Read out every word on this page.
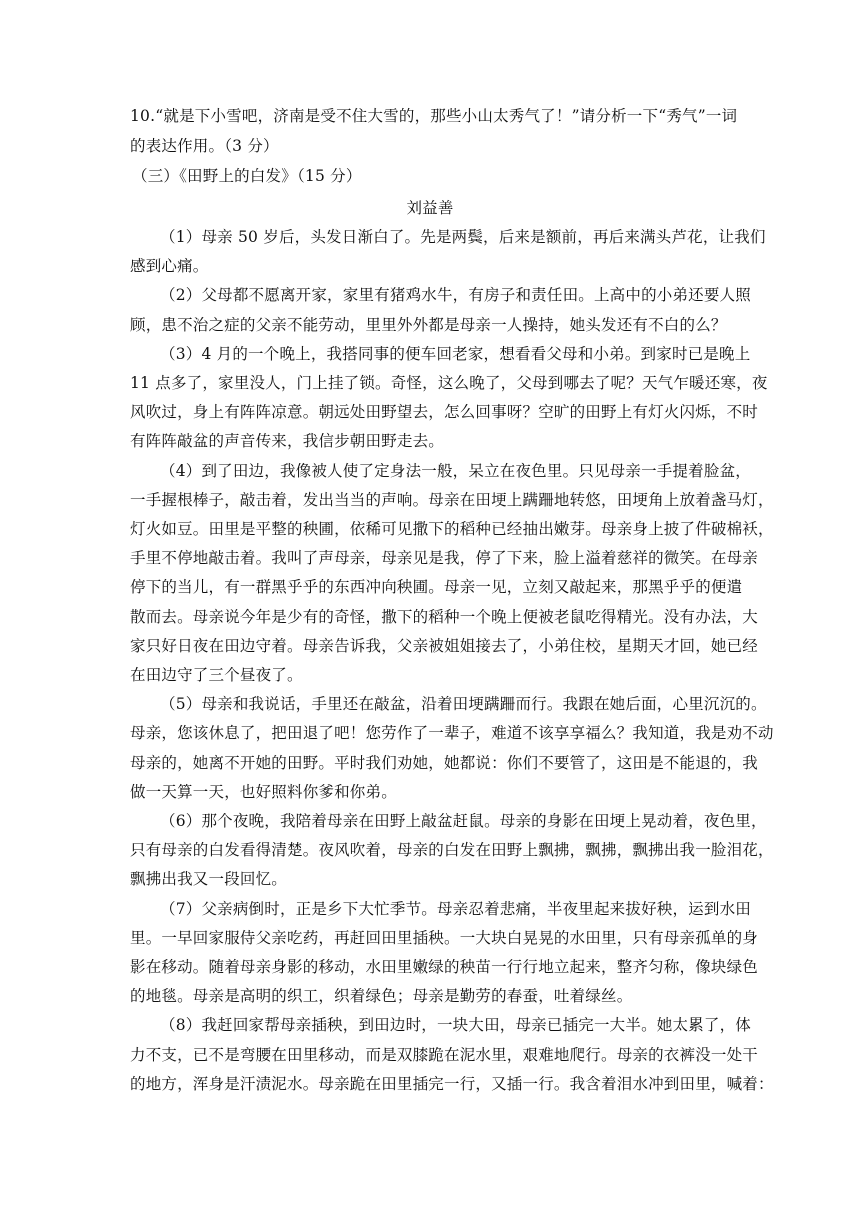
10.“就是下小雪吧，济南是受不住大雪的，那些小山太秀气了！”请分析一下“秀气”一词
的表达作用。（3 分）
（三）《田野上的白发》（15 分）
刘益善
（1）母亲 50 岁后，头发日渐白了。先是两鬓，后来是额前，再后来满头芦花，让我们
感到心痛。
（2）父母都不愿离开家，家里有猪鸡水牛，有房子和责任田。上高中的小弟还要人照
顾，患不治之症的父亲不能劳动，里里外外都是母亲一人操持，她头发还有不白的么？
（3）4 月的一个晚上，我搭同事的便车回老家，想看看父母和小弟。到家时已是晚上
11 点多了，家里没人，门上挂了锁。奇怪，这么晚了，父母到哪去了呢？天气乍暖还寒，夜
风吹过，身上有阵阵凉意。朝远处田野望去，怎么回事呀？空旷的田野上有灯火闪烁，不时
有阵阵敲盆的声音传来，我信步朝田野走去。
（4）到了田边，我像被人使了定身法一般，呆立在夜色里。只见母亲一手提着脸盆，
一手握根棒子，敲击着，发出当当的声响。母亲在田埂上蹒跚地转悠，田埂角上放着盏马灯，
灯火如豆。田里是平整的秧圃，依稀可见撒下的稻种已经抽出嫩芽。母亲身上披了件破棉袄，
手里不停地敲击着。我叫了声母亲，母亲见是我，停了下来，脸上溢着慈祥的微笑。在母亲
停下的当儿，有一群黑乎乎的东西冲向秧圃。母亲一见，立刻又敲起来，那黑乎乎的便遣
散而去。母亲说今年是少有的奇怪，撒下的稻种一个晚上便被老鼠吃得精光。没有办法，大
家只好日夜在田边守着。母亲告诉我，父亲被姐姐接去了，小弟住校，星期天才回，她已经
在田边守了三个昼夜了。
（5）母亲和我说话，手里还在敲盆，沿着田埂蹒跚而行。我跟在她后面，心里沉沉的。
母亲，您该休息了，把田退了吧！您劳作了一辈子，难道不该享享福么？我知道，我是劝不动
母亲的，她离不开她的田野。平时我们劝她，她都说：你们不要管了，这田是不能退的，我
做一天算一天，也好照料你爹和你弟。
（6）那个夜晚，我陪着母亲在田野上敲盆赶鼠。母亲的身影在田埂上晃动着，夜色里，
只有母亲的白发看得清楚。夜风吹着，母亲的白发在田野上飘拂，飘拂，飘拂出我一脸泪花，
飘拂出我又一段回忆。
（7）父亲病倒时，正是乡下大忙季节。母亲忍着悲痛，半夜里起来拔好秧，运到水田
里。一早回家服侍父亲吃药，再赶回田里插秧。一大块白晃晃的水田里，只有母亲孤单的身
影在移动。随着母亲身影的移动，水田里嫩绿的秧苗一行行地立起来，整齐匀称，像块绿色
的地毯。母亲是高明的织工，织着绿色；母亲是勤劳的春蚕，吐着绿丝。
（8）我赶回家帮母亲插秧，到田边时，一块大田，母亲已插完一大半。她太累了，体
力不支，已不是弯腰在田里移动，而是双膝跪在泥水里，艰难地爬行。母亲的衣裤没一处干
的地方，浑身是汗渍泥水。母亲跪在田里插完一行，又插一行。我含着泪水冲到田里，喊着：
